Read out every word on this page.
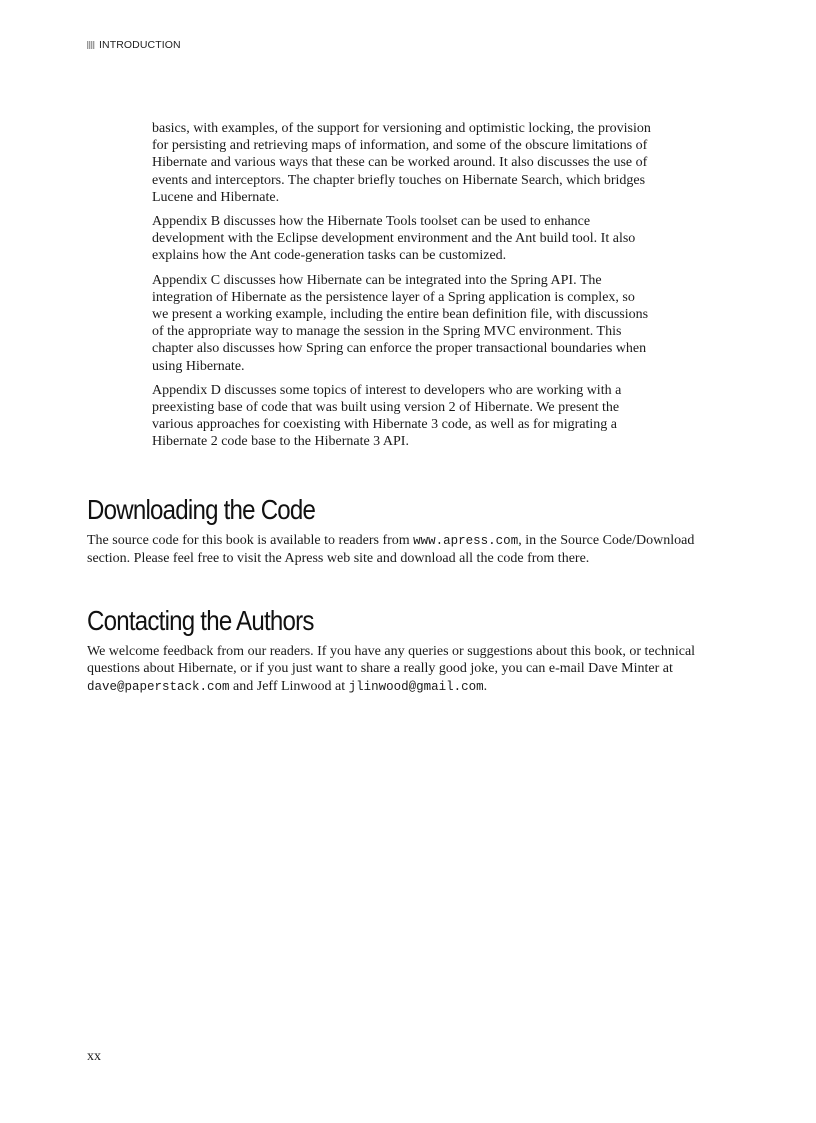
INTRODUCTION

basics, with examples, of the support for versioning and optimistic locking, the provision for persisting and retrieving maps of information, and some of the obscure limitations of Hibernate and various ways that these can be worked around. It also discusses the use of events and interceptors. The chapter briefly touches on Hibernate Search, which bridges Lucene and Hibernate.

Appendix B discusses how the Hibernate Tools toolset can be used to enhance development with the Eclipse development environment and the Ant build tool. It also explains how the Ant code-generation tasks can be customized.

Appendix C discusses how Hibernate can be integrated into the Spring API. The integration of Hibernate as the persistence layer of a Spring application is complex, so we present a working example, including the entire bean definition file, with discussions of the appropriate way to manage the session in the Spring MVC environment. This chapter also discusses how Spring can enforce the proper transactional boundaries when using Hibernate.

Appendix D discusses some topics of interest to developers who are working with a preexisting base of code that was built using version 2 of Hibernate. We present the various approaches for coexisting with Hibernate 3 code, as well as for migrating a Hibernate 2 code base to the Hibernate 3 API.

Downloading the Code

The source code for this book is available to readers from www.apress.com, in the Source Code/Download section. Please feel free to visit the Apress web site and download all the code from there.

Contacting the Authors

We welcome feedback from our readers. If you have any queries or suggestions about this book, or technical questions about Hibernate, or if you just want to share a really good joke, you can e-mail Dave Minter at dave@paperstack.com and Jeff Linwood at jlinwood@gmail.com.

xx
